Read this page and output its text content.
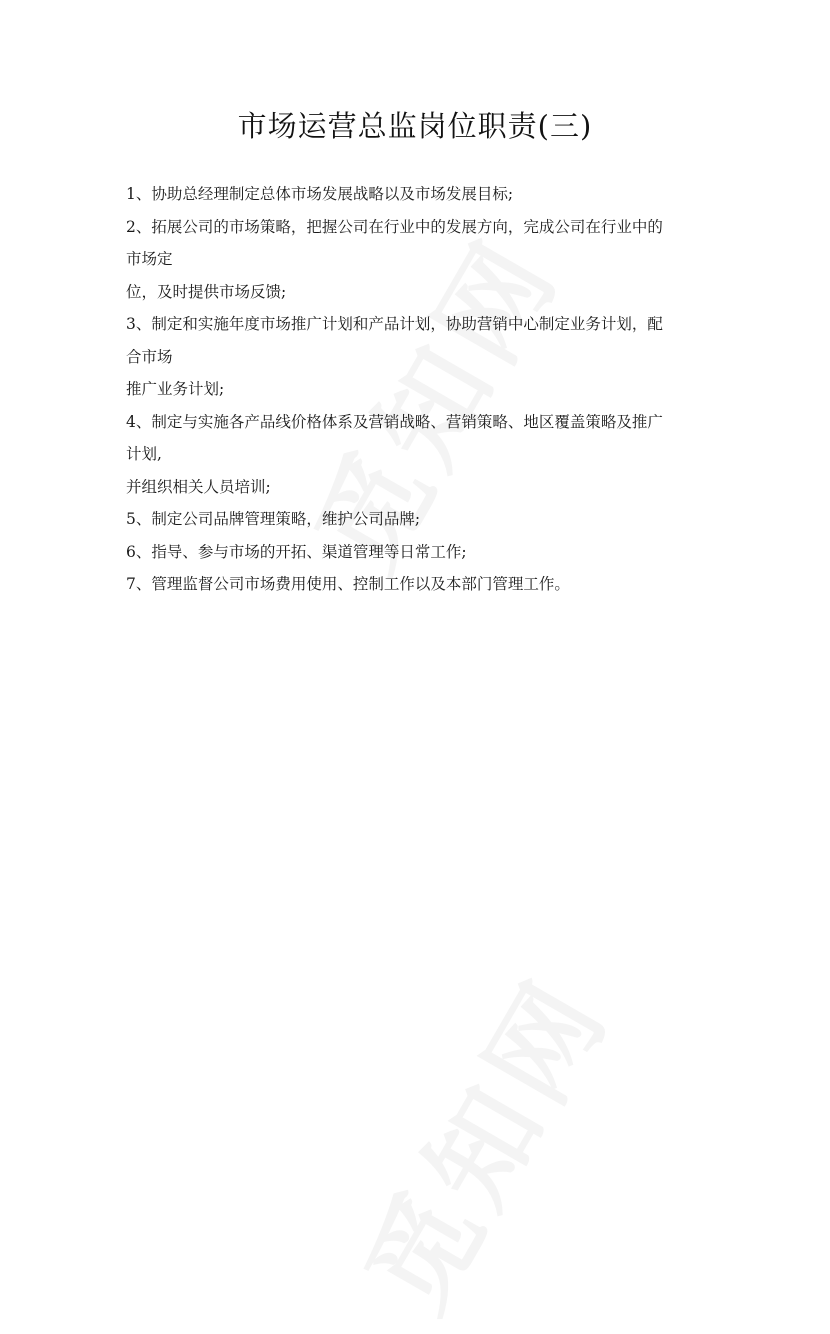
市场运营总监岗位职责(三)
1、协助总经理制定总体市场发展战略以及市场发展目标;
2、拓展公司的市场策略，把握公司在行业中的发展方向，完成公司在行业中的
市场定
位，及时提供市场反馈;
3、制定和实施年度市场推广计划和产品计划，协助营销中心制定业务计划，配
合市场
推广业务计划;
4、制定与实施各产品线价格体系及营销战略、营销策略、地区覆盖策略及推广
计划,
并组织相关人员培训;
5、制定公司品牌管理策略，维护公司品牌;
6、指导、参与市场的开拓、渠道管理等日常工作;
7、管理监督公司市场费用使用、控制工作以及本部门管理工作。
